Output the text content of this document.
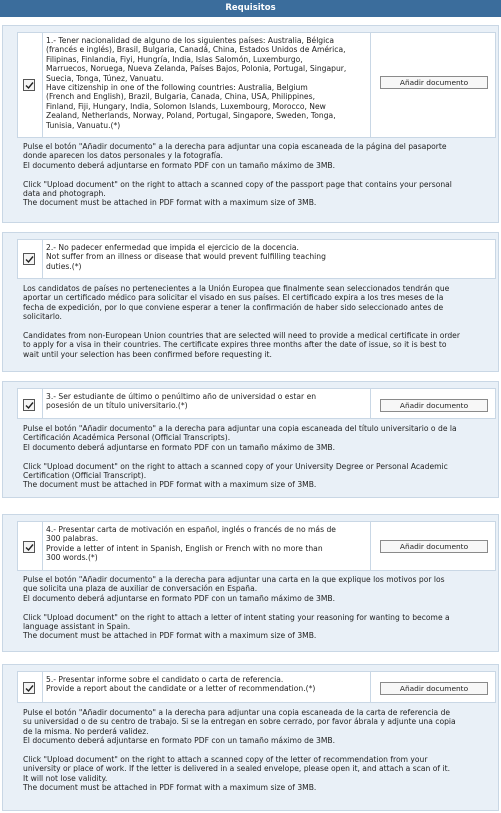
Requisitos
1.- Tener nacionalidad de alguno de los siguientes países: Australia, Bélgica
(francés e inglés), Brasil, Bulgaria, Canadá, China, Estados Unidos de América,
Filipinas, Finlandia, Fiyi, Hungría, India, Islas Salomón, Luxemburgo,
Marruecos, Noruega, Nueva Zelanda, Países Bajos, Polonia, Portugal, Singapur,
Suecia, Tonga, Túnez, Vanuatu.
Have citizenship in one of the following countries: Australia, Belgium
(French and English), Brazil, Bulgaria, Canada, China, USA, Philippines,
Finland, Fiji, Hungary, India, Solomon Islands, Luxembourg, Morocco, New
Zealand, Netherlands, Norway, Poland, Portugal, Singapore, Sweden, Tonga,
Tunisia, Vanuatu.(*)
Añadir documento
Pulse el botón "Añadir documento" a la derecha para adjuntar una copia escaneada de la página del pasaporte
donde aparecen los datos personales y la fotografía.
El documento deberá adjuntarse en formato PDF con un tamaño máximo de 3MB.

Click "Upload document" on the right to attach a scanned copy of the passport page that contains your personal
data and photograph.
The document must be attached in PDF format with a maximum size of 3MB.
2.- No padecer enfermedad que impida el ejercicio de la docencia.
Not suffer from an illness or disease that would prevent fulfilling teaching
duties.(*)
Los candidatos de países no pertenecientes a la Unión Europea que finalmente sean seleccionados tendrán que
aportar un certificado médico para solicitar el visado en sus países. El certificado expira a los tres meses de la
fecha de expedición, por lo que conviene esperar a tener la confirmación de haber sido seleccionado antes de
solicitarlo.

Candidates from non-European Union countries that are selected will need to provide a medical certificate in order
to apply for a visa in their countries. The certificate expires three months after the date of issue, so it is best to
wait until your selection has been confirmed before requesting it.
3.- Ser estudiante de último o penúltimo año de universidad o estar en
posesión de un título universitario.(*)	Añadir documento
Pulse el botón "Añadir documento" a la derecha para adjuntar una copia escaneada del título universitario o de la
Certificación Académica Personal (Official Transcripts).
El documento deberá adjuntarse en formato PDF con un tamaño máximo de 3MB.

Click "Upload document" on the right to attach a scanned copy of your University Degree or Personal Academic
Certification (Official Transcript).
The document must be attached in PDF format with a maximum size of 3MB.
4.- Presentar carta de motivación en español, inglés o francés de no más de
300 palabras.
Provide a letter of intent in Spanish, English or French with no more than
300 words.(*)
Añadir documento
Pulse el botón "Añadir documento" a la derecha para adjuntar una carta en la que explique los motivos por los
que solicita una plaza de auxiliar de conversación en España.
El documento deberá adjuntarse en formato PDF con un tamaño máximo de 3MB.

Click "Upload document" on the right to attach a letter of intent stating your reasoning for wanting to become a
language assistant in Spain.
The document must be attached in PDF format with a maximum size of 3MB.
5.- Presentar informe sobre el candidato o carta de referencia.
Provide a report about the candidate or a letter of recommendation.(*)	Añadir documento
Pulse el botón "Añadir documento" a la derecha para adjuntar una copia escaneada de la carta de referencia de
su universidad o de su centro de trabajo. Si se la entregan en sobre cerrado, por favor ábrala y adjunte una copia
de la misma. No perderá validez.
El documento deberá adjuntarse en formato PDF con un tamaño máximo de 3MB.

Click "Upload document" on the right to attach a scanned copy of the letter of recommendation from your
university or place of work. If the letter is delivered in a sealed envelope, please open it, and attach a scan of it.
It will not lose validity.
The document must be attached in PDF format with a maximum size of 3MB.
